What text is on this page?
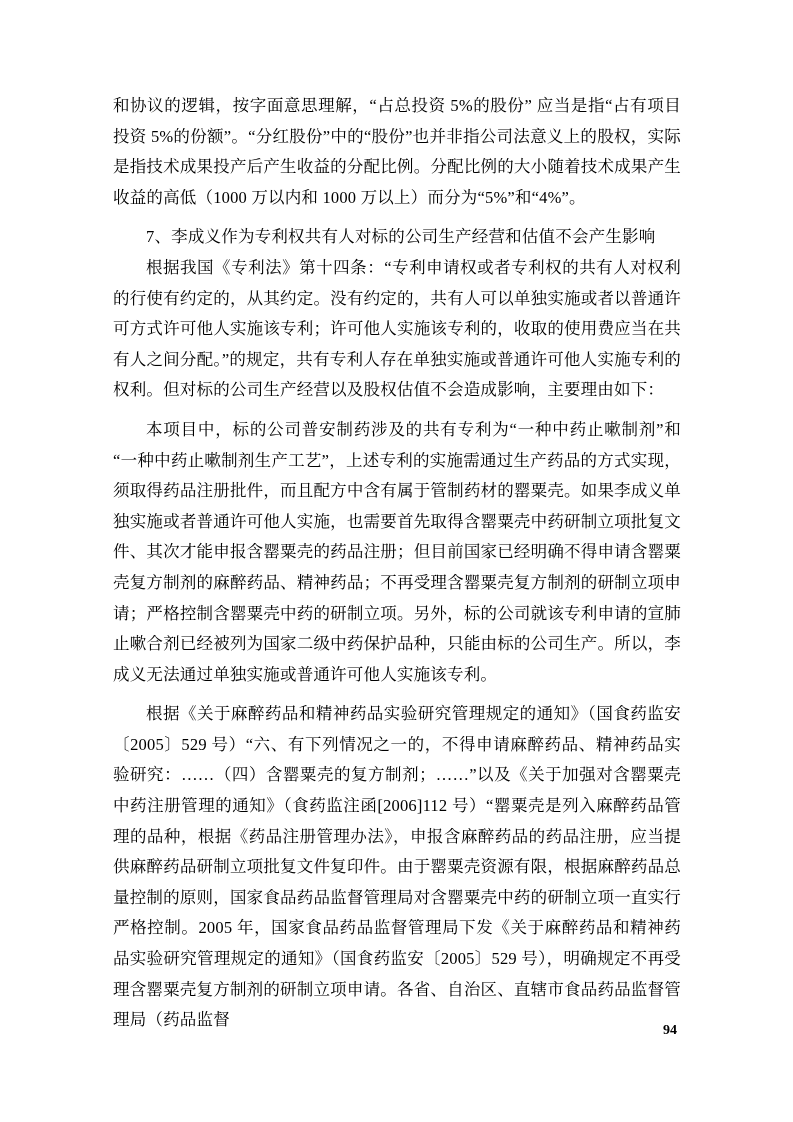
和协议的逻辑，按字面意思理解，“占总投资 5%的股份” 应当是指“占有项目投资 5%的份额”。“分红股份”中的“股份”也并非指公司法意义上的股权，实际是指技术成果投产后产生收益的分配比例。分配比例的大小随着技术成果产生收益的高低（1000 万以内和 1000 万以上）而分为“5%”和“4%”。

7、李成义作为专利权共有人对标的公司生产经营和估值不会产生影响

根据我国《专利法》第十四条：“专利申请权或者专利权的共有人对权利的行使有约定的，从其约定。没有约定的，共有人可以单独实施或者以普通许可方式许可他人实施该专利；许可他人实施该专利的，收取的使用费应当在共有人之间分配。”的规定，共有专利人存在单独实施或普通许可他人实施专利的权利。但对标的公司生产经营以及股权估值不会造成影响，主要理由如下：

本项目中，标的公司普安制药涉及的共有专利为“一种中药止嗽制剂”和“一种中药止嗽制剂生产工艺”，上述专利的实施需通过生产药品的方式实现，须取得药品注册批件，而且配方中含有属于管制药材的罂粟壳。如果李成义单独实施或者普通许可他人实施，也需要首先取得含罂粟壳中药研制立项批复文件、其次才能申报含罂粟壳的药品注册；但目前国家已经明确不得申请含罂粟壳复方制剂的麻醉药品、精神药品；不再受理含罂粟壳复方制剂的研制立项申请；严格控制含罂粟壳中药的研制立项。另外，标的公司就该专利申请的宣肺止嗽合剂已经被列为国家二级中药保护品种，只能由标的公司生产。所以，李成义无法通过单独实施或普通许可他人实施该专利。

根据《关于麻醉药品和精神药品实验研究管理规定的通知》（国食药监安〔2005〕529 号）“六、有下列情况之一的，不得申请麻醉药品、精神药品实验研究：……（四）含罂粟壳的复方制剂；……”以及《关于加强对含罂粟壳中药注册管理的通知》（食药监注函[2006]112 号）“罂粟壳是列入麻醉药品管理的品种，根据《药品注册管理办法》，申报含麻醉药品的药品注册，应当提供麻醉药品研制立项批复文件复印件。由于罂粟壳资源有限，根据麻醉药品总量控制的原则，国家食品药品监督管理局对含罂粟壳中药的研制立项一直实行严格控制。2005 年，国家食品药品监督管理局下发《关于麻醉药品和精神药品实验研究管理规定的通知》（国食药监安〔2005〕529 号），明确规定不再受理含罂粟壳复方制剂的研制立项申请。各省、自治区、直辖市食品药品监督管理局（药品监督

94
